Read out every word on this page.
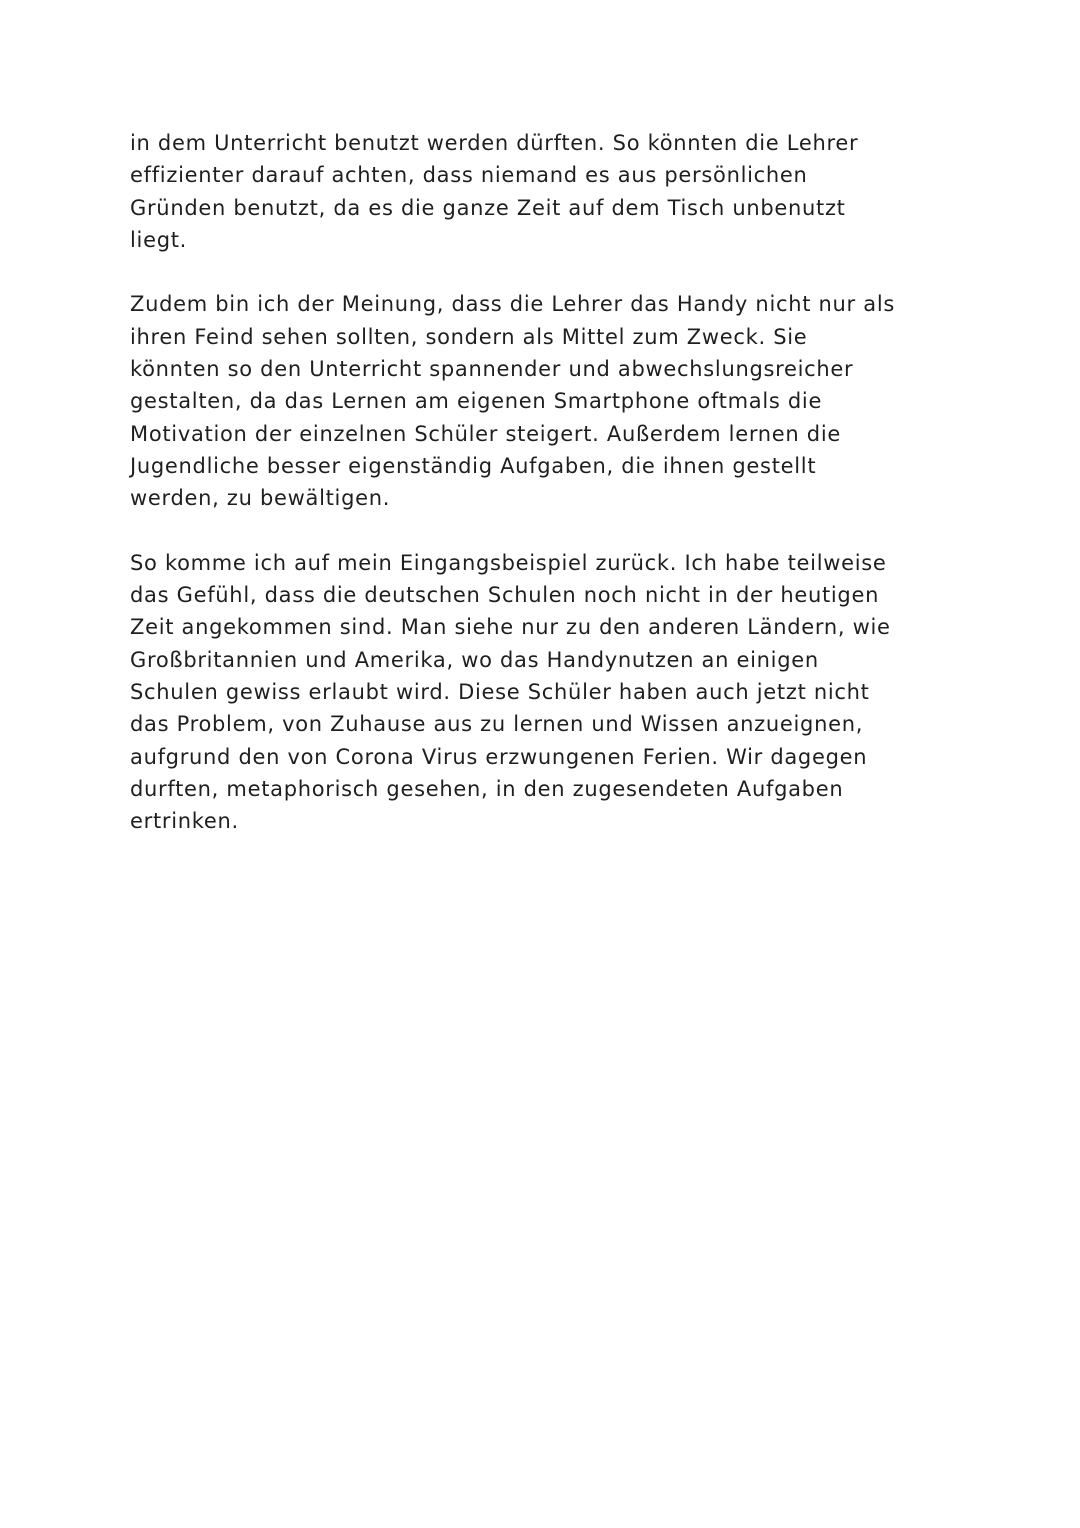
in dem Unterricht benutzt werden dürften. So könnten die Lehrer
effizienter darauf achten, dass niemand es aus persönlichen
Gründen benutzt, da es die ganze Zeit auf dem Tisch unbenutzt
liegt.
Zudem bin ich der Meinung, dass die Lehrer das Handy nicht nur als
ihren Feind sehen sollten, sondern als Mittel zum Zweck. Sie
könnten so den Unterricht spannender und abwechslungsreicher
gestalten, da das Lernen am eigenen Smartphone oftmals die
Motivation der einzelnen Schüler steigert. Außerdem lernen die
Jugendliche besser eigenständig Aufgaben, die ihnen gestellt
werden, zu bewältigen.
So komme ich auf mein Eingangsbeispiel zurück. Ich habe teilweise
das Gefühl, dass die deutschen Schulen noch nicht in der heutigen
Zeit angekommen sind. Man siehe nur zu den anderen Ländern, wie
Großbritannien und Amerika, wo das Handynutzen an einigen
Schulen gewiss erlaubt wird. Diese Schüler haben auch jetzt nicht
das Problem, von Zuhause aus zu lernen und Wissen anzueignen,
aufgrund den von Corona Virus erzwungenen Ferien. Wir dagegen
durften, metaphorisch gesehen, in den zugesendeten Aufgaben
ertrinken.
